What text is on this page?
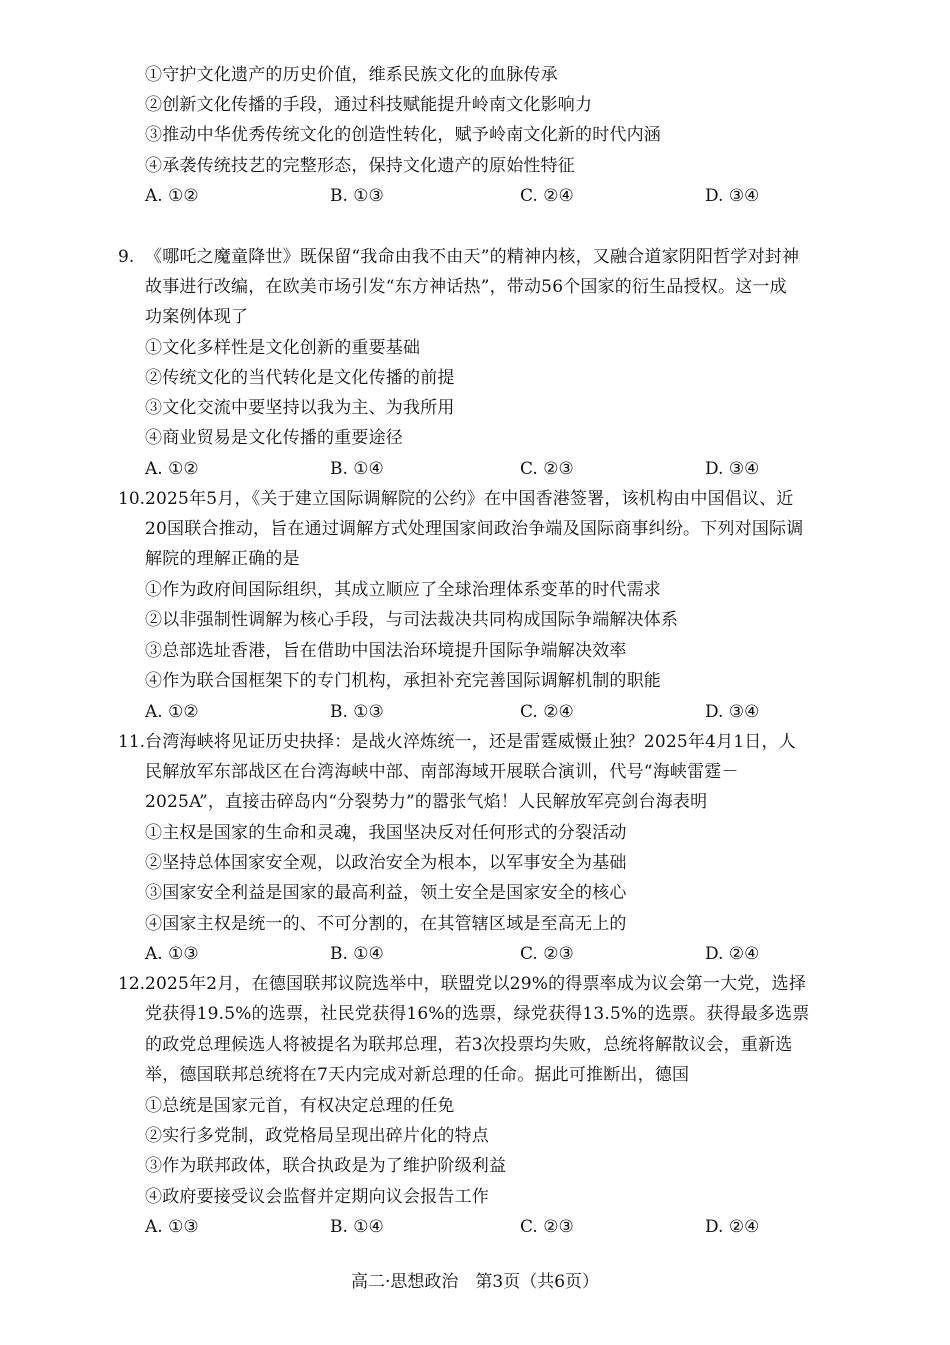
①守护文化遗产的历史价值，维系民族文化的血脉传承
②创新文化传播的手段，通过科技赋能提升岭南文化影响力
③推动中华优秀传统文化的创造性转化，赋予岭南文化新的时代内涵
④承袭传统技艺的完整形态，保持文化遗产的原始性特征
A. ①②	B. ①③	C. ②④	D. ③④
9. 《哪吒之魔童降世》既保留“我命由我不由天”的精神内核，又融合道家阴阳哲学对封神
故事进行改编，在欧美市场引发“东方神话热”，带动56个国家的衍生品授权。这一成
功案例体现了
①文化多样性是文化创新的重要基础
②传统文化的当代转化是文化传播的前提
③文化交流中要坚持以我为主、为我所用
④商业贸易是文化传播的重要途径
A. ①②	B. ①④	C. ②③	D. ③④
10. 2025年5月，《关于建立国际调解院的公约》在中国香港签署，该机构由中国倡议、近
20国联合推动，旨在通过调解方式处理国家间政治争端及国际商事纠纷。下列对国际调
解院的理解正确的是
①作为政府间国际组织，其成立顺应了全球治理体系变革的时代需求
②以非强制性调解为核心手段，与司法裁决共同构成国际争端解决体系
③总部选址香港，旨在借助中国法治环境提升国际争端解决效率
④作为联合国框架下的专门机构，承担补充完善国际调解机制的职能
A. ①②	B. ①③	C. ②④	D. ③④
11. 台湾海峡将见证历史抉择：是战火淬炼统一，还是雷霆威慑止独？2025年4月1日，人
民解放军东部战区在台湾海峡中部、南部海域开展联合演训，代号“海峡雷霆－
2025A”，直接击碎岛内“分裂势力”的嚣张气焰！人民解放军亮剑台海表明
①主权是国家的生命和灵魂，我国坚决反对任何形式的分裂活动
②坚持总体国家安全观，以政治安全为根本，以军事安全为基础
③国家安全利益是国家的最高利益，领土安全是国家安全的核心
④国家主权是统一的、不可分割的，在其管辖区域是至高无上的
A. ①③	B. ①④	C. ②③	D. ②④
12. 2025年2月，在德国联邦议院选举中，联盟党以29%的得票率成为议会第一大党，选择
党获得19.5%的选票，社民党获得16%的选票，绿党获得13.5%的选票。获得最多选票
的政党总理候选人将被提名为联邦总理，若3次投票均失败，总统将解散议会，重新选
举，德国联邦总统将在7天内完成对新总理的任命。据此可推断出，德国
①总统是国家元首，有权决定总理的任免
②实行多党制，政党格局呈现出碎片化的特点
③作为联邦政体，联合执政是为了维护阶级利益
④政府要接受议会监督并定期向议会报告工作
A. ①③	B. ①④	C. ②③	D. ②④
高二·思想政治　第3页（共6页）
